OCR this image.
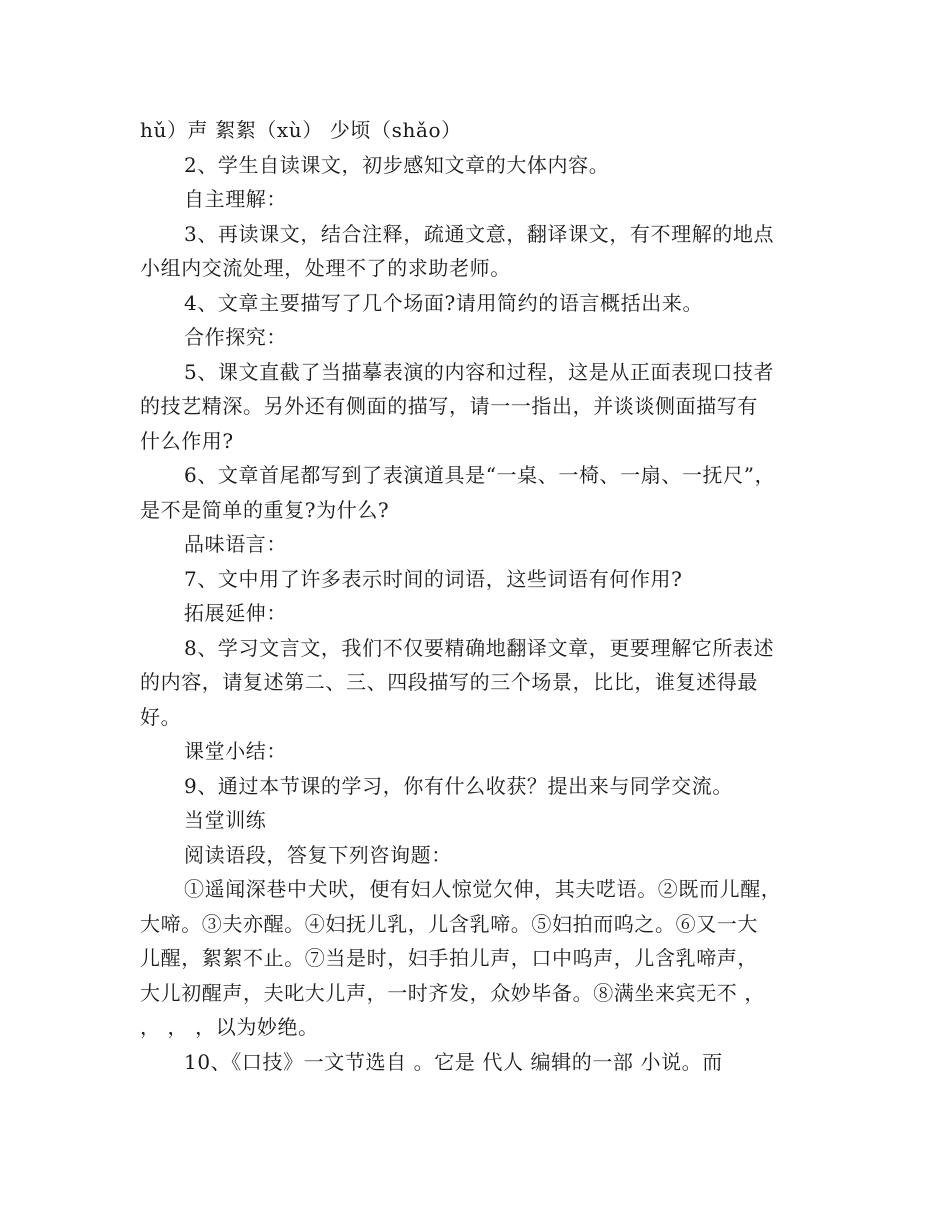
hǔ）声 絮絮（xù） 少顷（shǎo）

2、学生自读课文，初步感知文章的大体内容。

自主理解：

3、再读课文，结合注释，疏通文意，翻译课文，有不理解的地点

小组内交流处理，处理不了的求助老师。

4、文章主要描写了几个场面?请用简约的语言概括出来。

合作探究：

5、课文直截了当描摹表演的内容和过程，这是从正面表现口技者

的技艺精深。另外还有侧面的描写，请一一指出，并谈谈侧面描写有

什么作用?

6、文章首尾都写到了表演道具是“一桌、一椅、一扇、一抚尺”，

是不是简单的重复?为什么?

品味语言：

7、文中用了许多表示时间的词语，这些词语有何作用?

拓展延伸：

8、学习文言文，我们不仅要精确地翻译文章，更要理解它所表述

的内容，请复述第二、三、四段描写的三个场景，比比，谁复述得最

好。

课堂小结：

9、通过本节课的学习，你有什么收获？提出来与同学交流。

当堂训练

阅读语段，答复下列咨询题：

①遥闻深巷中犬吠，便有妇人惊觉欠伸，其夫呓语。②既而儿醒，

大啼。③夫亦醒。④妇抚儿乳，儿含乳啼。⑤妇拍而呜之。⑥又一大

儿醒，絮絮不止。⑦当是时，妇手拍儿声，口中呜声，儿含乳啼声，

大儿初醒声，夫叱大儿声，一时齐发，众妙毕备。⑧满坐来宾无不 ，

， ， ，以为妙绝。

10、《口技》一文节选自 。它是 代人 编辑的一部 小说。而
